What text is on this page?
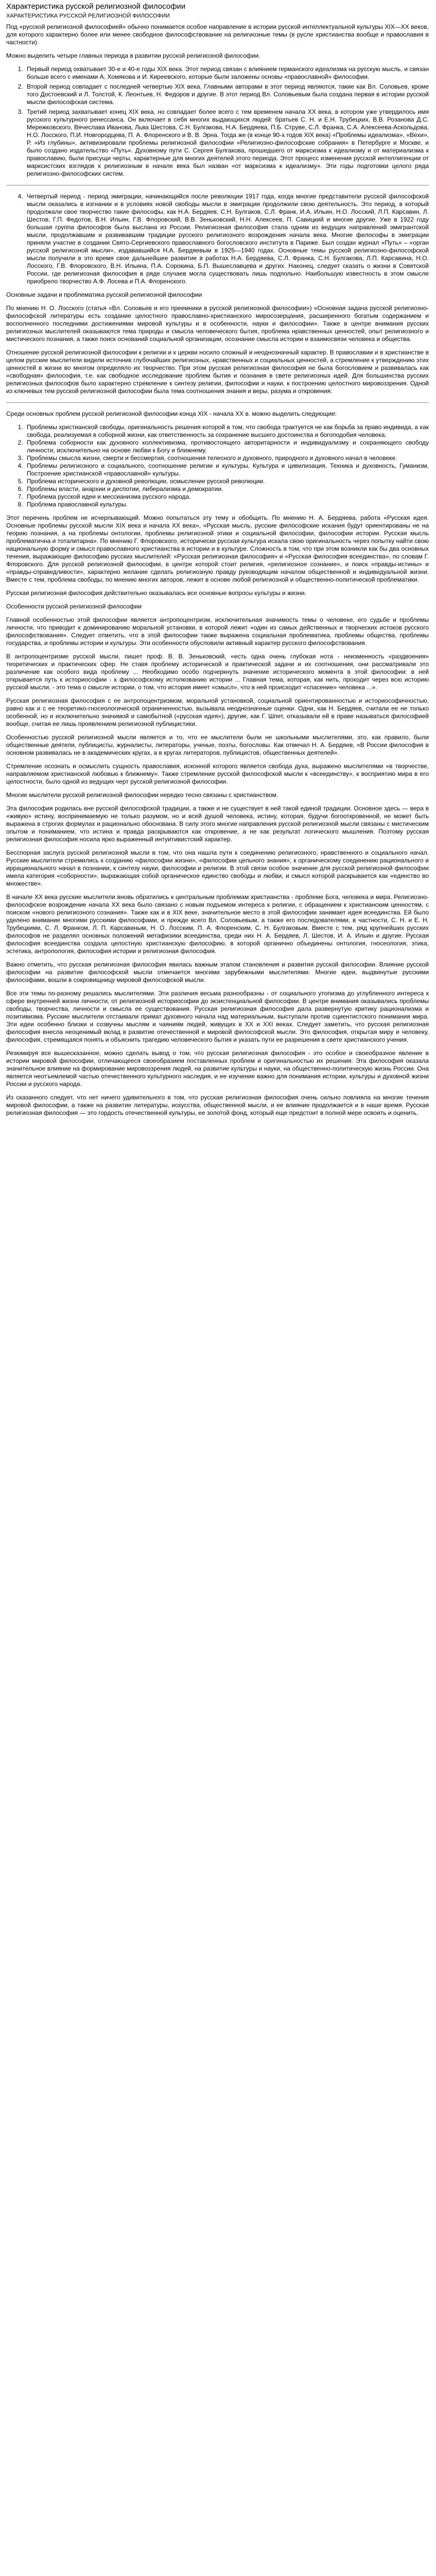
Характеристика русской религиозной философии
ХАРАКТЕРИСТИКА РУССКОЙ РЕЛИГИОЗНОЙ ФИЛОСОФИИ

Под «русской религиозной философией» обычно понимается особое направление в истории русской интеллектуальной культуры XIX—XX веков, для которого характерно более или менее свободное философствование на религиозные темы (в русле христианства вообще и православия в частности).

Можно выделить четыре главных периода в развитии русской религиозной философии.

1. Первый период охватывает 30-е и 40-е годы XIX века. Этот период связан с влиянием германского идеализма на русскую мысль, и связан больше всего с именами А. Хомякова и И. Киреевского, которые были заложены основы «православной» философии.
2. Второй период совпадает с последней четвертью XIX века. Главными авторами в этот период являются, такие как Вл. Соловьев, кроме того Достоевский и Л. Толстой, К. Леонтьев, Н. Федоров и другие. В этот период Вл. Соловьевым была создана первая в истории русской мысли философская система.
3. Третий период захватывает конец XIX века, но совпадает более всего с тем временем начала XX века, в котором уже утвердилось имя русского культурного ренессанса. Он включает в себя многих выдающихся людей: братьев С. Н. и Е.Н. Трубецких, В.В. Розанова Д.С. Мережковского, Вячеслава Иванова, Льва Шестова, С.Н. Булгакова, Н.А. Бердяева, П.Б. Струве, С.Л. Франка, С.А. Алексеева-Аскольдова, Н.О. Лосского, П.И. Новгородцева, П. А. Флоренского и В. В. Эрна. Тогда же (в конце 90-х годов XIX века) «Проблемы идеализма», «Вехи», Р. «Из глубины», активизировали проблемы религиозной философии «Религиозно-философские собрания» в Петербурге и Москве, и было создано издательство «Путь». Духовному пути С. Сергея Булгакова, прошедшего от марксизма к идеализму и от материализма к православию, были присущи черты, характерные для многих деятелей этого периода. Этот процесс изменения русской интеллигенции от марксистских взглядов к религиозным в начале века был назван «от марксизма к идеализму». Эти годы подготовки целого ряда религиозно-философских систем.
4. Четвертый период - период эмиграции, начинающийся после революции 1917 года, когда многие представители русской философской мысли оказались в изгнании и в условиях новой свободы мысли в эмиграции продолжили свою деятельность. Это период, в который продолжали свое творчество такие философы, как Н.А. Бердяев, С.Н. Булгаков, С.Л. Франк, И.А. Ильин, Н.О. Лосский, Л.П. Карсавин, Л. Шестов, Г.П. Федотов, В.Н. Ильин, Г.В. Флоровский, В.В. Зеньковский, Н.Н. Алексеев, П. Савицкий и многие другие. Уже в 1922 году большая группа философов была выслана из России. Религиозная философия стала одним из ведущих направлений эмигрантской мысли, продолжавшим и развивавшим традиции русского религиозного возрождения начала века. Многие философы в эмиграции приняли участие в создании Свято-Сергиевского православного богословского института в Париже. Был создан журнал «Путь» – «орган русской религиозной мысли», издававшийся Н.А. Бердяевым в 1925—1940 годах. Основные темы русской религиозно-философской мысли получили в это время свое дальнейшее развитие в работах Н.А. Бердяева, С.Л. Франка, С.Н. Булгакова, Л.П. Карсавина, Н.О. Лосского, Г.В. Флоровского, В.Н. Ильина, П.А. Сорокина, Б.П. Вышеславцева и других. Наконец, следует сказать о жизни в Советской России, где религиозная философия в ряде случаев могла существовать лишь подпольно. Наибольшую известность в этом смысле приобрело творчество А.Ф. Лосева и П.А. Флоренского.

Основные задачи и проблематика русской религиозной философии

По мнению Н. О. Лосского (статья «Вл. Соловьев и его преемники в русской религиозной философии») «Основная задача русской религиозно-философской литературы есть создание целостного православно-христианского миросозерцания, расширенного богатым содержанием и восполненного последними достижениями мировой культуры и в особенности, науки и философии». Также в центре внимания русских религиозных мыслителей оказываются тема природы и смысла человеческого бытия, проблема нравственных ценностей, опыт религиозного и мистического познания, а также поиск оснований социальной организации, осознание смысла истории и взаимосвязи человека и общества.

Отношение русской религиозной философии к религии и к церкви носило сложный и неоднозначный характер. В православии и в христианстве в целом русские мыслители видели источник глубочайших религиозных, нравственных и социальных ценностей, а стремление к утверждению этих ценностей в жизни во многом определяло их творчество. При этом русская религиозная философия не была богословием и развивалась как «свободная» философия, т.е. как свободное исследование проблем бытия и познания в свете религиозных идей. Для большинства русских религиозных философов было характерно стремление к синтезу религии, философии и науки, к построению целостного мировоззрения. Одной из ключевых тем русской религиозной философии была тема соотношения знания и веры, разума и откровения.

Среди основных проблем русской религиозной философии конца XIX - начала XX в. можно выделить следующие:

1. Проблемы христианской свободы, оригинальность решения которой в том, что свобода трактуется не как борьба за право индивида, а как свобода, реализуемая в соборной жизни, как ответственность за сохранение высшего достоинства и богоподобия человека.
2. Проблема соборности как духовного коллективизма, противостоящего авторитарности и индивидуализму и сохраняющего свободу личности, исключительно на основе любви к Богу и ближнему.
3. Проблемы смысла жизни, смерти и бессмертия, соотношения телесного и духовного, природного и духовного начал в человеке.
4. Проблемы религиозного и социального, соотношение религии и культуры, Культура и цивилизация, Техника и духовность, Гуманизм, Построение христианской «православной» культуры.
5. Проблема исторического и духовной революции, осмысление русской революции.
6. Проблемы власти, анархии и деспотии, либерализма и демократии.
7. Проблема русской идеи и мессианизма русского народа.
8. Проблема православной культуры.

Этот перечень проблем не исчерпывающий. Можно попытаться эту тему и обобщить. По мнению Н. А. Бердяева, работа «Русская идея. Основные проблемы русской мысли XIX века и начала XX века», «Русская мысль, русские философские искания будут ориентированы не на теорию познания, а на проблемы онтологии, проблемы религиозной этики и социальной философии, философии истории. Русская мысль проблематична и тоталитарна». По мнению Г. Флоровского, исторически русская культура искала свою оригинальность через попытку найти свою национальную форму и смысл православного христианства в истории и в культуре. Сложность в том, что при этом возникли как бы два основных течения, выражающие философию русских мыслителей: «Русская религиозная философия» и «Русская философия всеединства», по словам Г. Флоровского. Для русской религиозной философии, в центре которой стоит религия, «религиозное сознание», и поиск «правды-истины» и «правды-справедливости», характерно желание сделать религиозную правду руководящим началом общественной и индивидуальной жизни. Вместе с тем, проблема свободы, по мнению многих авторов, лежит в основе любой религиозной и общественно-политической проблематики.

Русская религиозная философия действительно оказывалась все основные вопросы культуры и жизни.

Особенности русской религиозной философии

Главной особенностью этой философии является антропоцентризм, исключительная значимость темы о человеке, его судьбе и проблемы личности, что приводит к доминированию моральной установки, в которой лежит «один из самых действенных и творческих истоков русского философствования». Следует отметить, что в этой философии также выражена социальная проблематика, проблемы общества, проблемы государства, и проблемы истории и культуры. Эти особенности обусловили активный характер русского философствования.

В антропоцентризме русской мысли, пишет проф. В. В. Зеньковский, «есть одна очень глубокая нота - неизменность «раздвоения» теоретических и практических сфер. Не ставя проблему исторической и практической задачи и их соотношения, они рассматривали это различение как особого вида проблему ... Необходимо особо подчеркнуть значение исторического момента в этой философии: в ней открывается путь к историософии - к философскому истолкованию истории ... Главная тема, которая, как нить, проходит через всю историю русской мысли, - это тема о смысле истории, о том, что история имеет «смысл», что в ней происходит «спасение» человека ...».

Русская религиозная философия с ее антропоцентризмом, моральной установкой, социальной ориентированностью и историософичностью, равно как и с ее теоретико-гносеологической ограниченностью, вызывала неоднозначные оценки. Одни, как Н. Бердяев, считали ее не только особенной, но и исключительно значимой и самобытной («русская идея»), другие, как Г. Шпет, отказывали ей в праве называться философией вообще, считая ее лишь проявлением религиозной публицистики.

Особенностью русской религиозной мысли является и то, что ее мыслители были не школьными мыслителями, это, как правило, были общественные деятели, публицисты, журналисты, литераторы, ученые, поэты, богословы. Как отмечал Н. А. Бердяев, «В России философия в основном развивалась не в академических кругах, а в кругах литераторов, публицистов, общественных деятелей».

Стремление осознать и осмыслить сущность православия, исконной которого является свобода духа, выражено мыслителями «в творчестве, направляемом христианской любовью к ближнему». Также стремление русской философской мысли к «всеединству», к восприятию мира в его целостности, было одной из ведущих черт русской религиозной философии.

Многие мыслители русской религиозной философии нередко тесно связаны с христианством.

Эта философия родилась вне русской философской традиции, а также и не существует в ней такой единой традиции. Основное здесь — вера в «живую» истину, воспринимаемую не только разумом, но и всей душой человека, истину, которая, будучи богооткровенной, не может быть выражена в строгих формулах и рационально обоснована. В силу этого многие направления русской религиозной мысли связаны с мистическим опытом и пониманием, что истина и правда раскрываются как откровение, а не как результат логического мышления. Поэтому русская религиозная философия носила ярко выраженный интуитивистский характер.

Бесспорная заслуга русской религиозной мысли в том, что она нашла пути к соединению религиозного, нравственного и социального начал. Русские мыслители стремились к созданию «философии жизни», «философии цельного знания», к органическому соединению рационального и иррационального начал в познании, к синтезу науки, философии и религии. В этой связи особое значение для русской религиозной философии имела категория «соборности», выражающая собой органическое единство свободы и любви, и смысл которой раскрывается как «единство во множестве».

В начале XX века русские мыслители вновь обратились к центральным проблемам христианства - проблеме Бога, человека и мира. Религиозно-философское возрождение начала XX века было связано с новым подъемом интереса к религии, с обращением к христианским ценностям, с поиском «нового религиозного сознания». Также как и в XIX веке, значительное место в этой философии занимает идея всеединства. Ей было уделено внимание многими русскими философами, и прежде всего Вл. Соловьевым, а также его последователями, в частности, С. Н. и Е. Н. Трубецкими, С. Л. Франком, Л. П. Карсавиным, Н. О. Лосским, П. А. Флоренским, С. Н. Булгаковым. Вместе с тем, ряд крупнейших русских философов не разделял основных положений метафизики всеединства, среди них Н. А. Бердяев, Л. Шестов, И. А. Ильин и другие. Русская философия всеединства создала целостную христианскую философию, в которой органично объединены онтология, гносеология, этика, эстетика, антропология, философия истории и религиозная философия.

Важно отметить, что русская религиозная философия явилась важным этапом становления и развития русской философии. Влияние русской философии на развитие философской мысли отмечается многими зарубежными мыслителями. Многие идеи, выдвинутые русскими философами, вошли в сокровищницу мировой философской мысли.

Все эти темы по-разному решались мыслителями. Эти различия весьма разнообразны - от социального утопизма до углубленного интереса к сфере внутренней жизни личности, от религиозной историософии до экзистенциальной философии. В центре внимания оказывались проблемы свободы, творчества, личности и смысла ее существования. Русская религиозная философия дала развернутую критику рационализма и позитивизма. Русские мыслители отстаивали примат духовного начала над материальным, выступали против сциентистского понимания мира. Эти идеи особенно близки и созвучны мыслям и чаяниям людей, живущих в XX и XXI веках. Следует заметить, что русская религиозная философия внесла неоценимый вклад в развитие отечественной и мировой философской мысли. Это философия, открытая миру и человеку, философия, стремящаяся понять и объяснить трагедию человеческого бытия и указать пути ее разрешения в свете христианского учения.

Резюмируя все вышесказанное, можно сделать вывод о том, что русская религиозная философия - это особое и своеобразное явление в истории мировой философии, отличающееся своеобразием поставленных проблем и оригинальностью их решения. Эта философия оказала значительное влияние на формирование мировоззрения людей, на развитие культуры и науки, на общественно-политическую жизнь России. Она является неотъемлемой частью отечественного культурного наследия, и ее изучение важно для понимания истории, культуры и духовной жизни России и русского народа.

Из сказанного следует, что нет ничего удивительного в том, что русская религиозная философия очень сильно повлияла на многие течения мировой философии, а также на развитие литературы, искусства, общественной мысли, и ее влияние продолжается и в наше время. Русская религиозная философия — это гордость отечественной культуры, ее золотой фонд, который еще предстоит в полной мере освоить и оценить.
